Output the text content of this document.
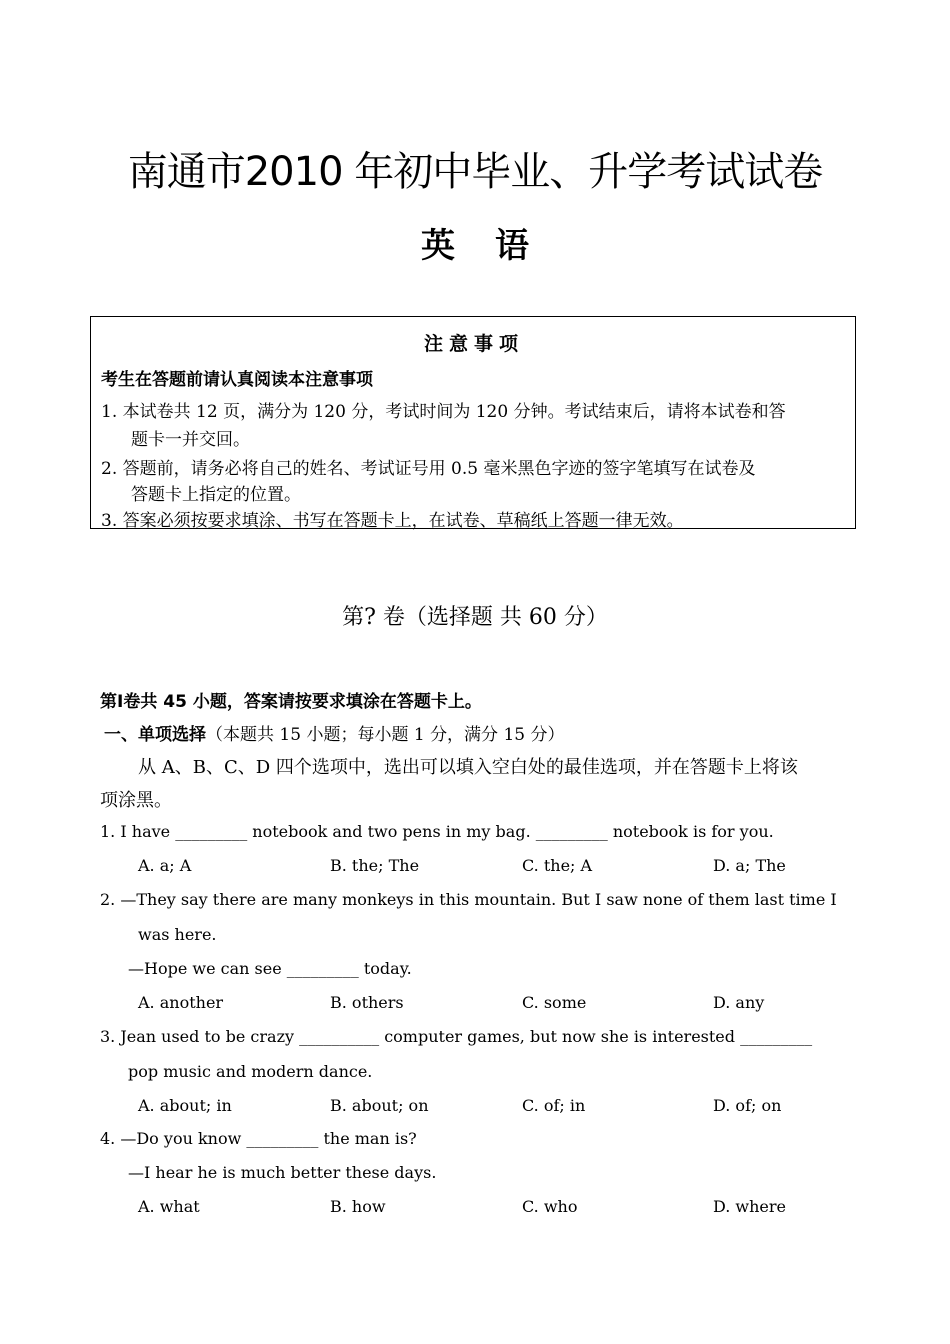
南通市2010 年初中毕业、升学考试试卷
英语
注意事项
考生在答题前请认真阅读本注意事项
1. 本试卷共 12 页，满分为 120 分，考试时间为 120 分钟。考试结束后，请将本试卷和答
题卡一并交回。
2. 答题前，请务必将自己的姓名、考试证号用 0.5 毫米黑色字迹的签字笔填写在试卷及
答题卡上指定的位置。
3. 答案必须按要求填涂、书写在答题卡上，在试卷、草稿纸上答题一律无效。
第? 卷（选择题 共 60 分）
第Ⅰ卷共 45 小题，答案请按要求填涂在答题卡上。
一、单项选择（本题共 15 小题；每小题 1 分，满分 15 分）
从 A、B、C、D 四个选项中，选出可以填入空白处的最佳选项，并在答题卡上将该
项涂黑。
1. I have _________ notebook and two pens in my bag. _________ notebook is for you.
A. a; A	B. the; The	C. the; A	D. a; The
2. —They say there are many monkeys in this mountain. But I saw none of them last time I
was here.
—Hope we can see _________ today.
A. another	B. others	C. some	D. any
3. Jean used to be crazy __________ computer games, but now she is interested _________
pop music and modern dance.
A. about; in	B. about; on	C. of; in	D. of; on
4. —Do you know _________ the man is?
—I hear he is much better these days.
A. what	B. how	C. who	D. where
